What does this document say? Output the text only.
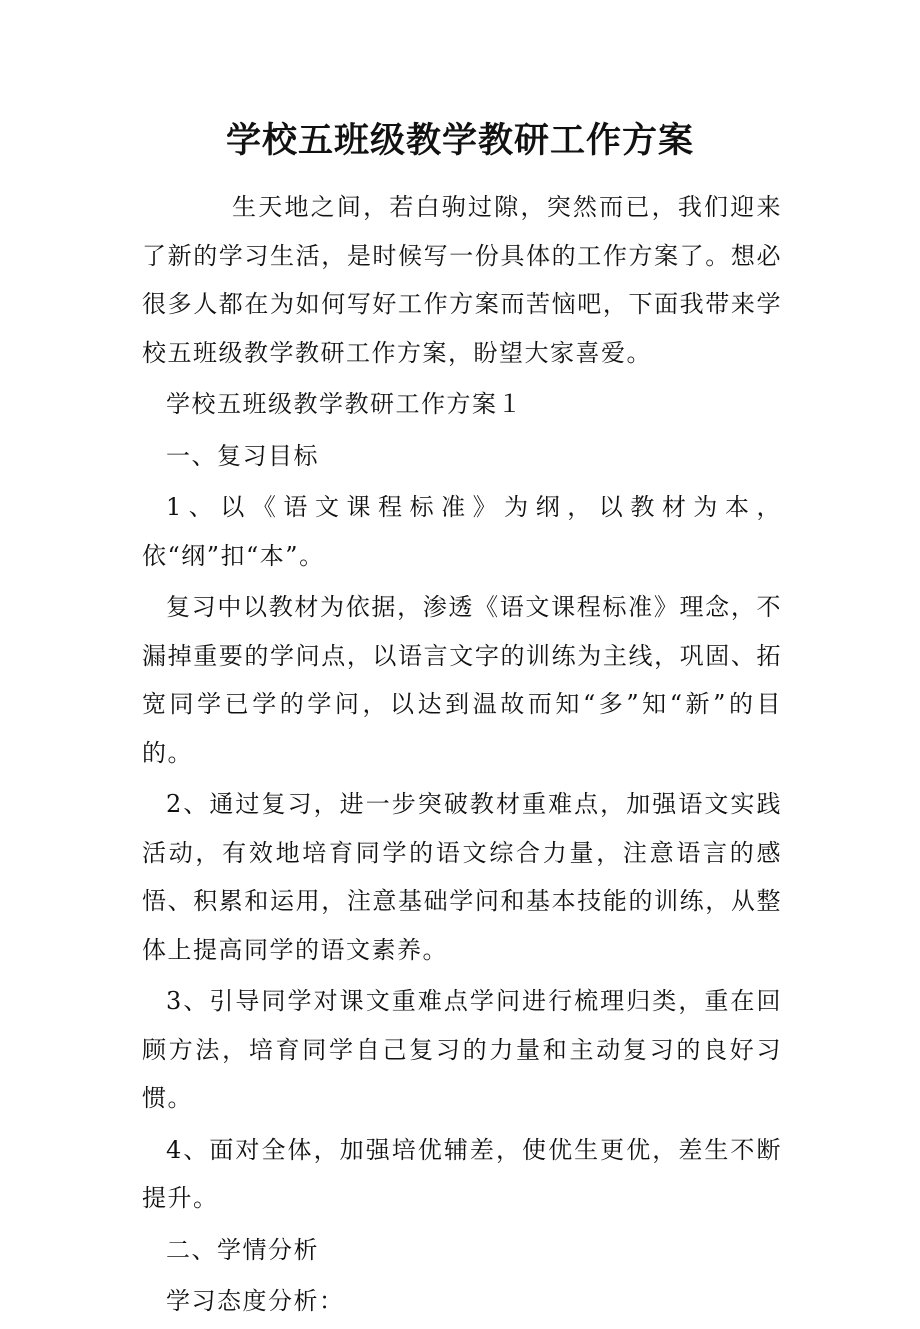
学校五班级教学教研工作方案

生天地之间，若白驹过隙，突然而已，我们迎来了新的学习生活，是时候写一份具体的工作方案了。想必很多人都在为如何写好工作方案而苦恼吧，下面我带来学校五班级教学教研工作方案，盼望大家喜爱。

学校五班级教学教研工作方案１

一、复习目标

1、以《语文课程标准》为纲，以教材为本，依“纲”扣“本”。

复习中以教材为依据，渗透《语文课程标准》理念，不漏掉重要的学问点，以语言文字的训练为主线，巩固、拓宽同学已学的学问，以达到温故而知“多”知“新”的目的。

2、通过复习，进一步突破教材重难点，加强语文实践活动，有效地培育同学的语文综合力量，注意语言的感悟、积累和运用，注意基础学问和基本技能的训练，从整体上提高同学的语文素养。

3、引导同学对课文重难点学问进行梳理归类，重在回顾方法，培育同学自己复习的力量和主动复习的良好习惯。

4、面对全体，加强培优辅差，使优生更优，差生不断提升。

二、学情分析

学习态度分析：
